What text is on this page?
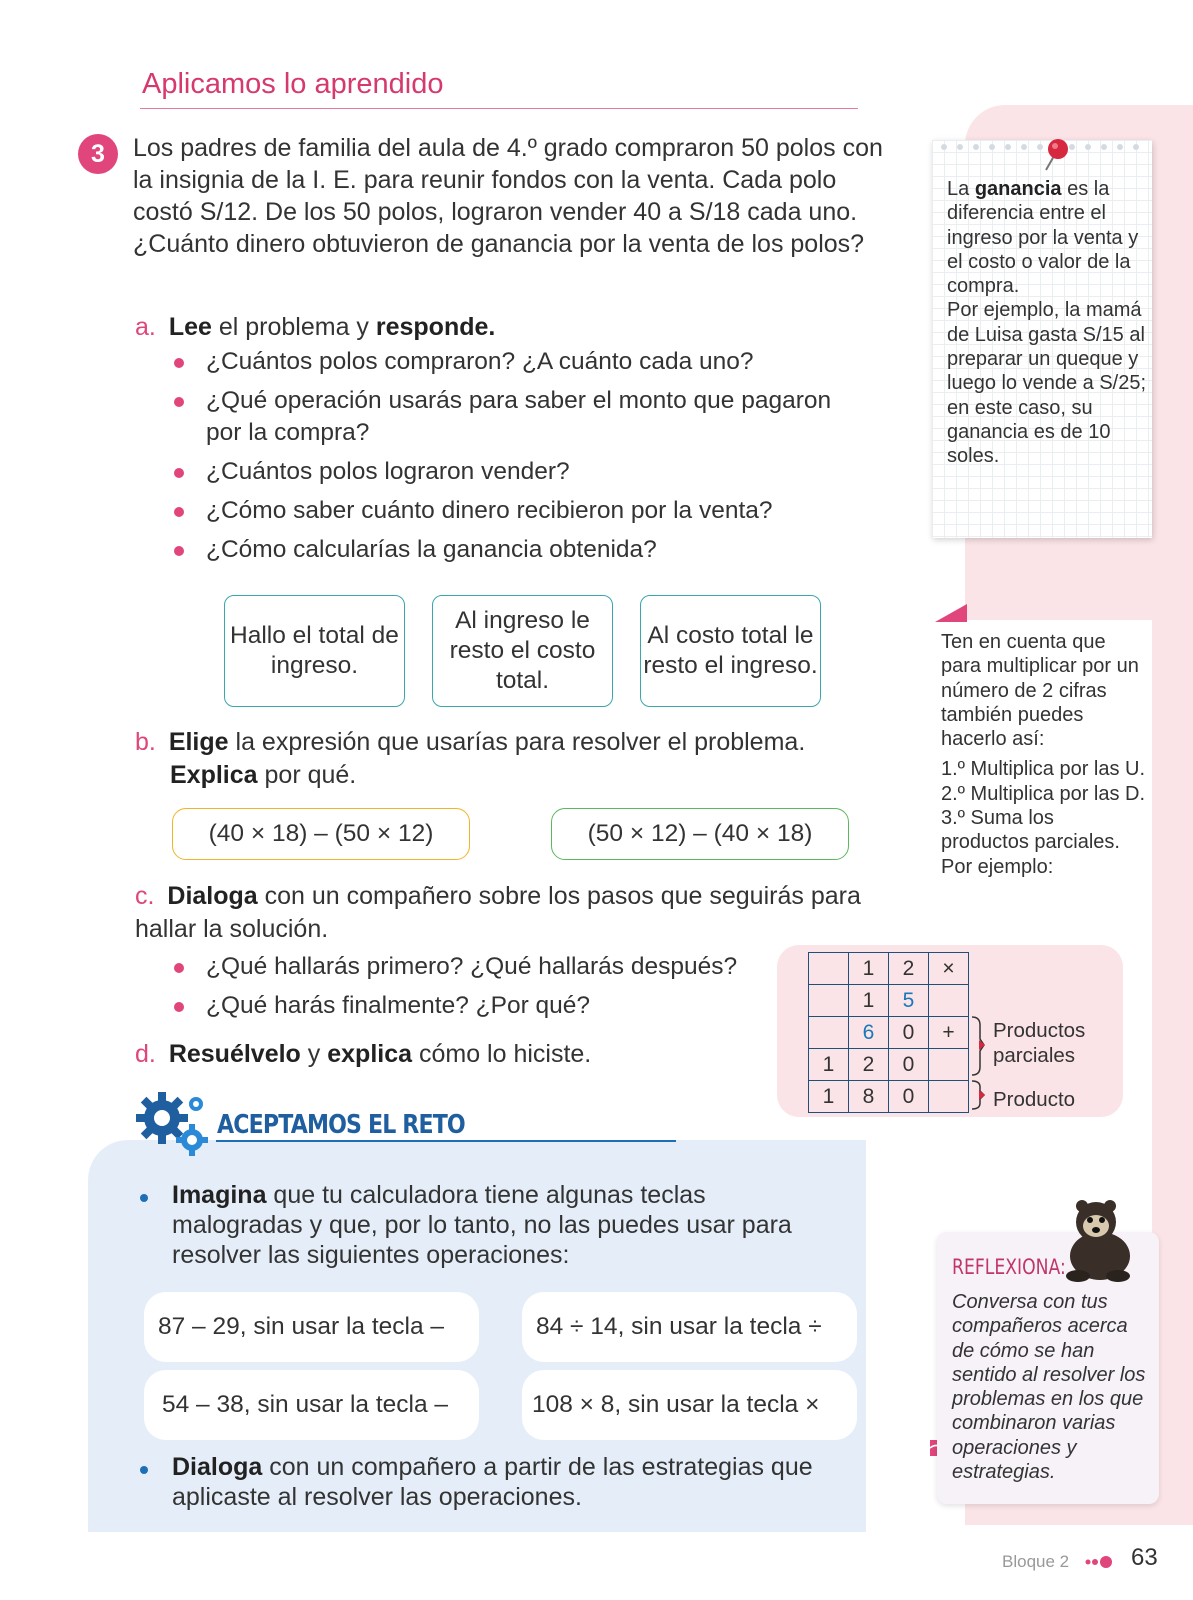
Aplicamos lo aprendido
3	Los padres de familia del aula de 4.º grado compraron 50 polos con la insignia de la I. E. para reunir fondos con la venta. Cada polo costó S/12. De los 50 polos, lograron vender 40 a S/18 cada uno. ¿Cuánto dinero obtuvieron de ganancia por la venta de los polos?
a. Lee el problema y responde.
¿Cuántos polos compraron? ¿A cuánto cada uno?
¿Qué operación usarás para saber el monto que pagaron por la compra?
¿Cuántos polos lograron vender?
¿Cómo saber cuánto dinero recibieron por la venta?
¿Cómo calcularías la ganancia obtenida?
Hallo el total de ingreso.
Al ingreso le resto el costo total.
Al costo total le resto el ingreso.
b. Elige la expresión que usarías para resolver el problema.
Explica por qué.
(40 × 18) – (50 × 12)	(50 × 12) – (40 × 18)
c. Dialoga con un compañero sobre los pasos que seguirás para hallar la solución.
¿Qué hallarás primero? ¿Qué hallarás después?
¿Qué harás finalmente? ¿Por qué?
d. Resuélvelo y explica cómo lo hiciste.
ACEPTAMOS EL RETO
Imagina que tu calculadora tiene algunas teclas malogradas y que, por lo tanto, no las puedes usar para resolver las siguientes operaciones:
87 – 29, sin usar la tecla –	84 ÷ 14, sin usar la tecla ÷
54 – 38, sin usar la tecla –	108 × 8, sin usar la tecla ×
Dialoga con un compañero a partir de las estrategias que aplicaste al resolver las operaciones.
La ganancia es la diferencia entre el ingreso por la venta y el costo o valor de la compra.
Por ejemplo, la mamá de Luisa gasta S/15 al preparar un queque y luego lo vende a S/25; en este caso, su ganancia es de 10 soles.
Ten en cuenta que para multiplicar por un número de 2 cifras también puedes hacerlo así:
1.º Multiplica por las U.
2.º Multiplica por las D.
3.º Suma los productos parciales.
Por ejemplo:
	1	2	×
	1	5	
	6	0	+
1	2	0	
1	8	0	
Productos parciales
Producto
REFLEXIONA:
Conversa con tus compañeros acerca de cómo se han sentido al resolver los problemas en los que combinaron varias operaciones y estrategias.
Bloque 2	63
